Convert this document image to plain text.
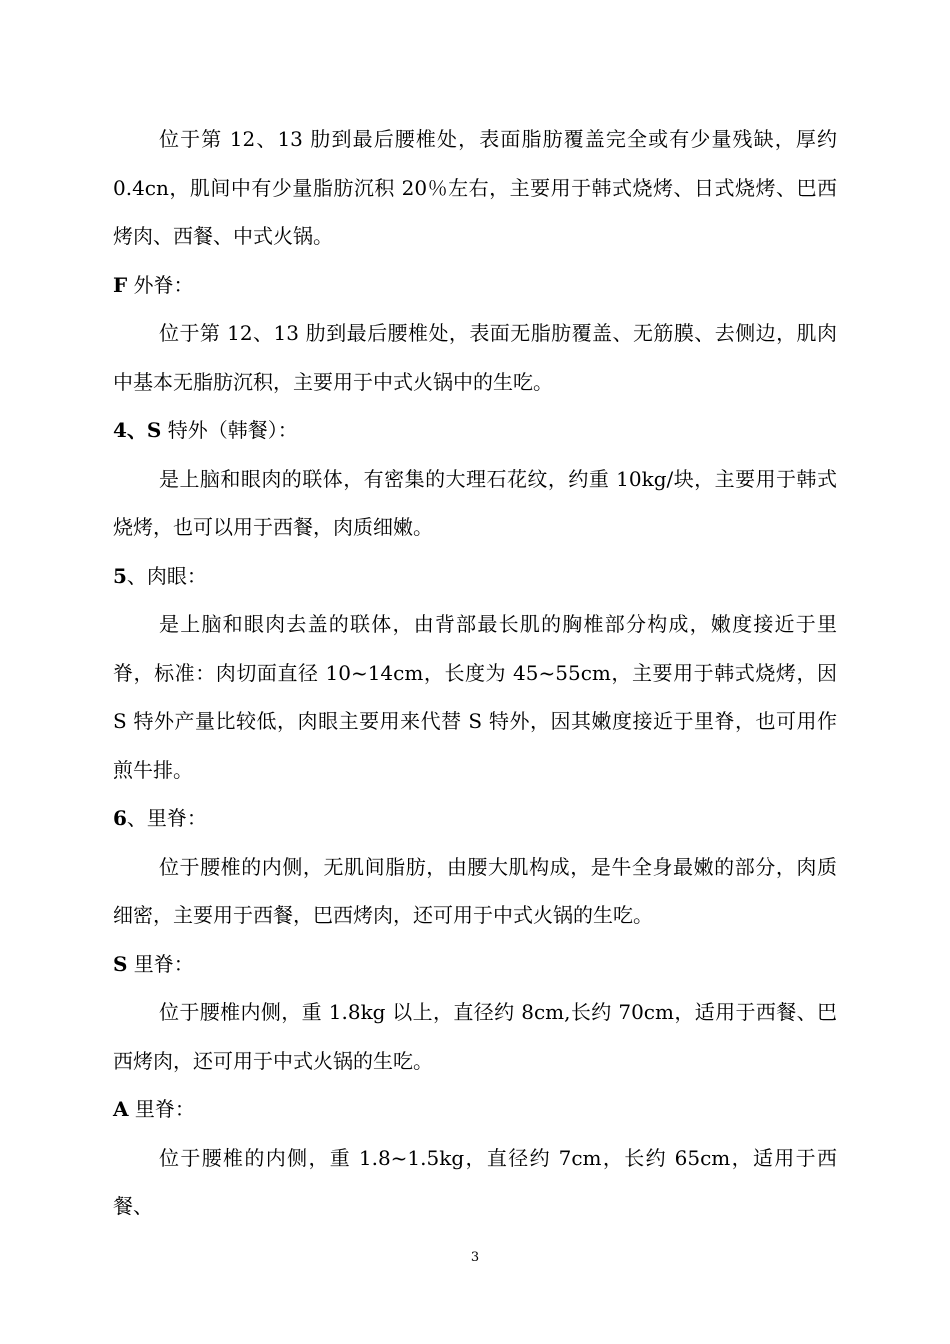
位于第 12、13 肋到最后腰椎处，表面脂肪覆盖完全或有少量残缺，厚约 0.4cn，肌间中有少量脂肪沉积 20％左右，主要用于韩式烧烤、日式烧烤、巴西烤肉、西餐、中式火锅。

F 外脊：

位于第 12、13 肋到最后腰椎处，表面无脂肪覆盖、无筋膜、去侧边，肌肉中基本无脂肪沉积，主要用于中式火锅中的生吃。

4、S 特外（韩餐）：

是上脑和眼肉的联体，有密集的大理石花纹，约重 10kg/块，主要用于韩式烧烤，也可以用于西餐，肉质细嫩。

5、肉眼：

是上脑和眼肉去盖的联体，由背部最长肌的胸椎部分构成，嫩度接近于里脊，标准：肉切面直径 10~14cm，长度为 45~55cm，主要用于韩式烧烤，因 S 特外产量比较低，肉眼主要用来代替 S 特外，因其嫩度接近于里脊，也可用作煎牛排。

6、里脊：

位于腰椎的内侧，无肌间脂肪，由腰大肌构成，是牛全身最嫩的部分，肉质细密，主要用于西餐，巴西烤肉，还可用于中式火锅的生吃。

S 里脊：

位于腰椎内侧，重 1.8kg 以上，直径约 8cm,长约 70cm，适用于西餐、巴西烤肉，还可用于中式火锅的生吃。

A 里脊：

位于腰椎的内侧，重 1.8~1.5kg，直径约 7cm，长约 65cm，适用于西餐、

3
